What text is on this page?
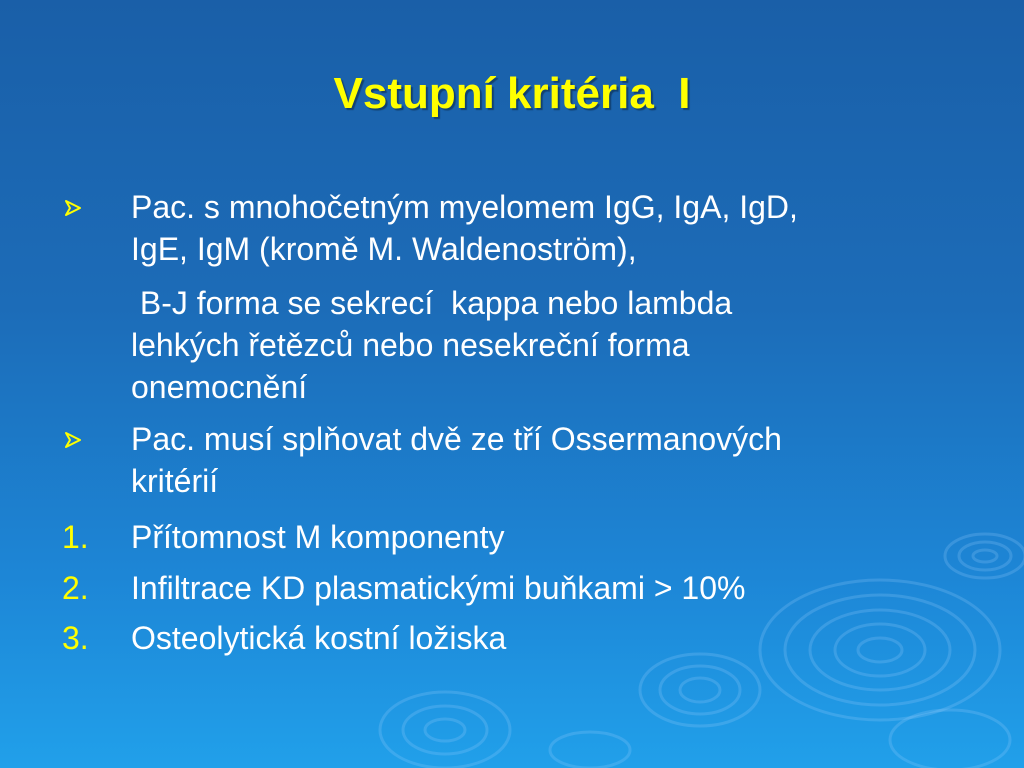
Vstupní kritéria  I
Pac. s mnohočetným myelomem IgG, IgA, IgD,
IgE, IgM (kromě M. Waldenoström),
B-J forma se sekrecí  kappa nebo lambda
lehkých řetězců nebo nesekreční forma
onemocnění
Pac. musí splňovat dvě ze tří Ossermanových
kritérií
1. Přítomnost M komponenty
2. Infiltrace KD plasmatickými buňkami > 10%
3. Osteolytická kostní ložiska
